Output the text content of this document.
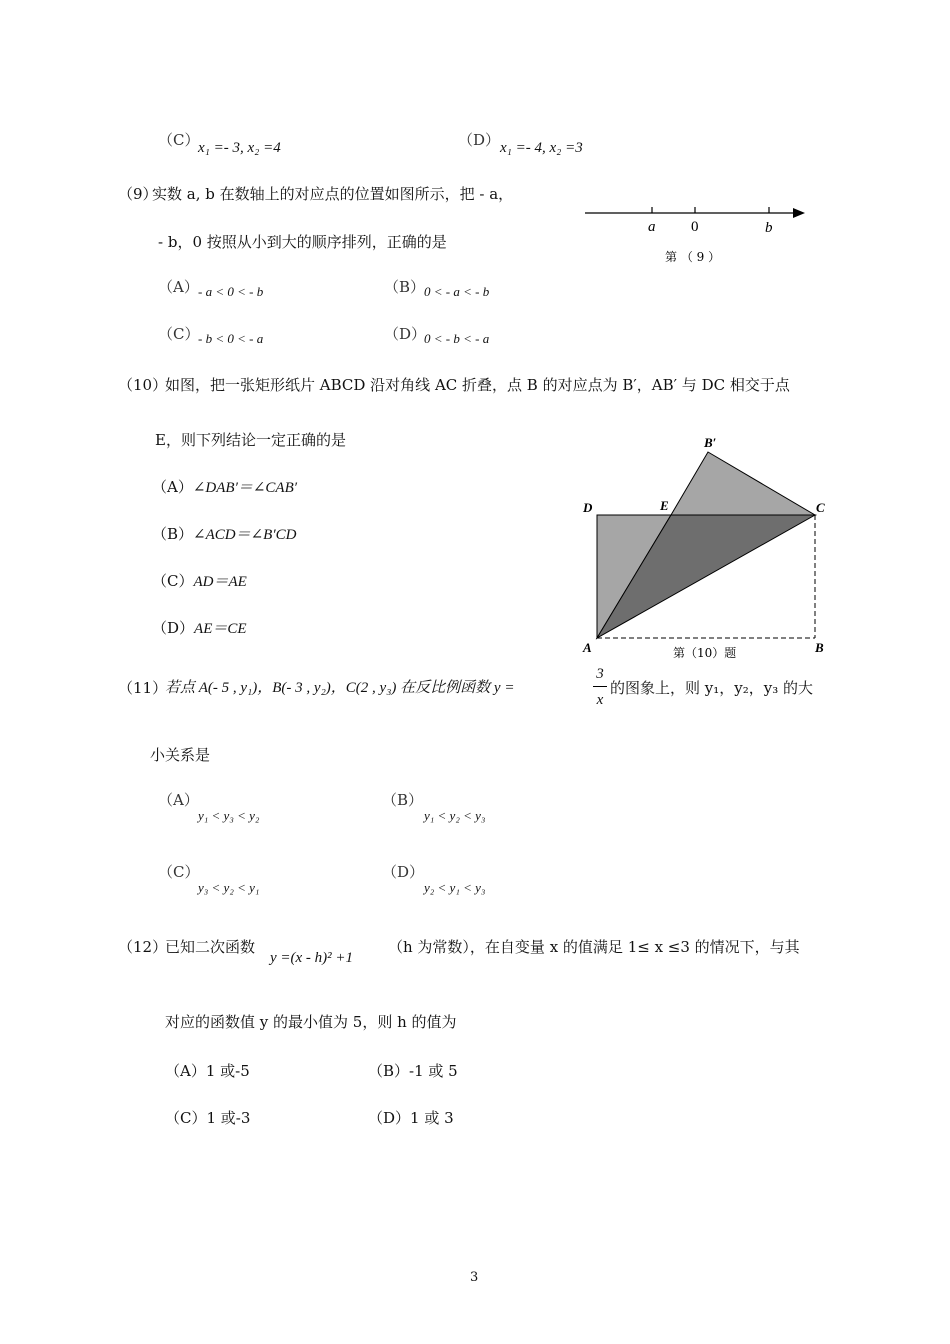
（C）
x₁ =- 3, x₂ =4	（D） x₁ =- 4, x₂ =3
（9）
实数 a, b 在数轴上的对应点的位置如图所示，把 - a，
- b，0 按照从小到大的顺序排列，正确的是
a 0	b
第 （ 9 ）
（A） - a < 0 < - b	（B）
0 < - a < - b
（C）
- b < 0 < - a	（D）
0 < - b < - a
（10）
如图，把一张矩形纸片 ABCD 沿对角线 AC 折叠，点 B 的对应点为 B′，AB′ 与 DC 相交于点
E，则下列结论一定正确的是
（A）∠DAB′＝∠CAB′
（B）∠ACD＝∠B′CD
（C）AD＝AE
（D）AE＝CE
B′
D	E	C
A	B
第（10）题
（11）
若点 A(- 5 , y₁)，B(- 3 , y₂)，C(2 , y₃) 在反比例函数 y =
3
x
的图象上，则 y₁，y₂，y₃ 的大
小关系是
（A）
y₁ < y₃ < y₂
（B）
y₁ < y₂ < y₃
（C）
y₃ < y₂ < y₁
（D）
y₂ < y₁ < y₃
（12）
已知二次函数
y =(x - h)² +1
（h 为常数），在自变量 x 的值满足 1≤ x ≤3 的情况下，与其
对应的函数值 y 的最小值为 5，则 h 的值为
（A）1 或-5	（B）-1 或 5
（C）1 或-3	（D）1 或 3
3
